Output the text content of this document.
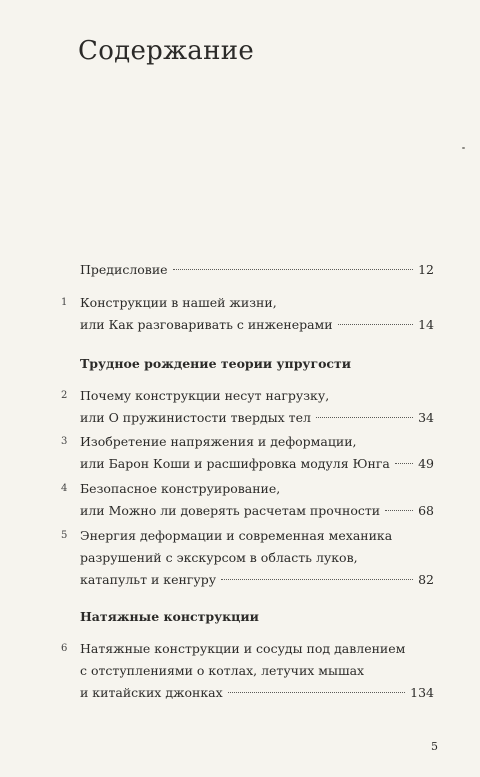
Содержание
Предисловие	12
1 Конструкции в нашей жизни,
или Как разговаривать с инженерами	14
Трудное рождение теории упругости
2 Почему конструкции несут нагрузку,
или О пружинистости твердых тел	34
3 Изобретение напряжения и деформации,
или Барон Коши и расшифровка модуля Юнга 49
4 Безопасное конструирование,
или Можно ли доверять расчетам прочности	68
5 Энергия деформации и современная механика
разрушений с экскурсом в область луков,
катапульт и кенгуру	82
Натяжные конструкции
6 Натяжные конструкции и сосуды под давлением
с отступлениями о котлах, летучих мышах
и китайских джонках	134
5
